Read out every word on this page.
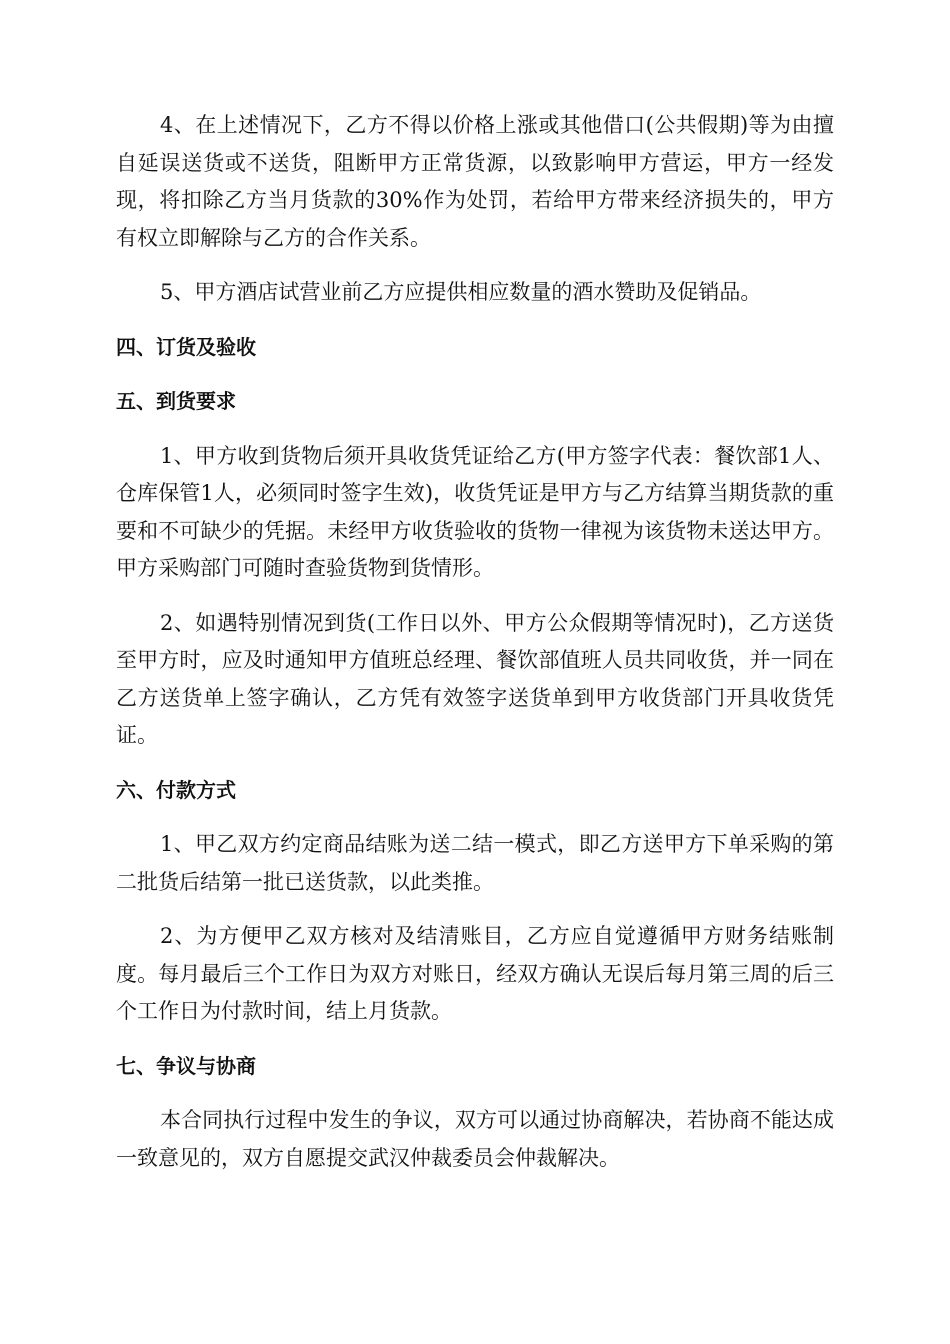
4、在上述情况下，乙方不得以价格上涨或其他借口(公共假期)等为由擅自延误送货或不送货，阻断甲方正常货源，以致影响甲方营运，甲方一经发现，将扣除乙方当月货款的30%作为处罚，若给甲方带来经济损失的，甲方有权立即解除与乙方的合作关系。

5、甲方酒店试营业前乙方应提供相应数量的酒水赞助及促销品。

四、订货及验收
五、到货要求

1、甲方收到货物后须开具收货凭证给乙方(甲方签字代表：餐饮部1人、仓库保管1人，必须同时签字生效)，收货凭证是甲方与乙方结算当期货款的重要和不可缺少的凭据。未经甲方收货验收的货物一律视为该货物未送达甲方。甲方采购部门可随时查验货物到货情形。

2、如遇特别情况到货(工作日以外、甲方公众假期等情况时)，乙方送货至甲方时，应及时通知甲方值班总经理、餐饮部值班人员共同收货，并一同在乙方送货单上签字确认，乙方凭有效签字送货单到甲方收货部门开具收货凭证。

六、付款方式

1、甲乙双方约定商品结账为送二结一模式，即乙方送甲方下单采购的第二批货后结第一批已送货款，以此类推。

2、为方便甲乙双方核对及结清账目，乙方应自觉遵循甲方财务结账制度。每月最后三个工作日为双方对账日，经双方确认无误后每月第三周的后三个工作日为付款时间，结上月货款。

七、争议与协商

本合同执行过程中发生的争议，双方可以通过协商解决，若协商不能达成一致意见的，双方自愿提交武汉仲裁委员会仲裁解决。
